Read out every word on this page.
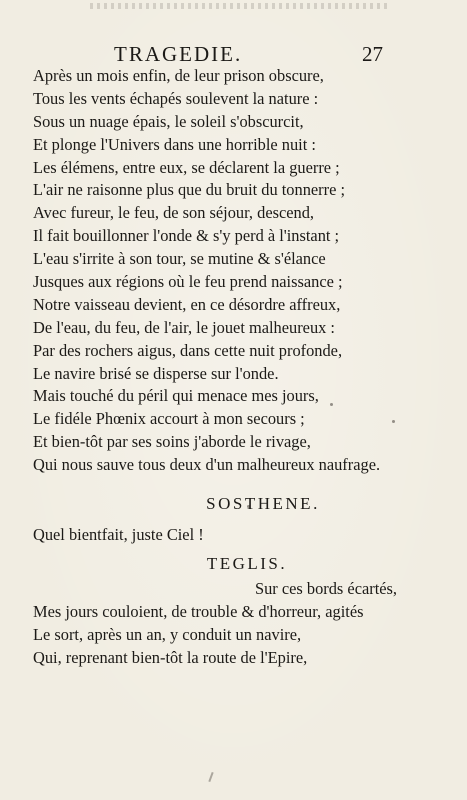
TRAGEDIE.	27
Après un mois enfin, de leur prison obscure,
Tous les vents échapés soulevent la nature :
Sous un nuage épais, le soleil s'obscurcit,
Et plonge l'Univers dans une horrible nuit :
Les élémens, entre eux, se déclarent la guerre ;
L'air ne raisonne plus que du bruit du tonnerre ;
Avec fureur, le feu, de son séjour, descend,
Il fait bouillonner l'onde & s'y perd à l'instant ;
L'eau s'irrite à son tour, se mutine & s'élance
Jusques aux régions où le feu prend naissance ;
Notre vaisseau devient, en ce désordre affreux,
De l'eau, du feu, de l'air, le jouet malheureux :
Par des rochers aigus, dans cette nuit profonde,
Le navire brisé se disperse sur l'onde.
Mais touché du péril qui menace mes jours,
Le fidéle Phœnix accourt à mon secours ;
Et bien-tôt par ses soins j'aborde le rivage,
Qui nous sauve tous deux d'un malheureux naufrage.
SOSTHENE.
Quel bientfait, juste Ciel !
TEGLIS.
Sur ces bords écartés,
Mes jours couloient, de trouble & d'horreur, agités
Le sort, après un an, y conduit un navire,
Qui, reprenant bien-tôt la route de l'Epire,
